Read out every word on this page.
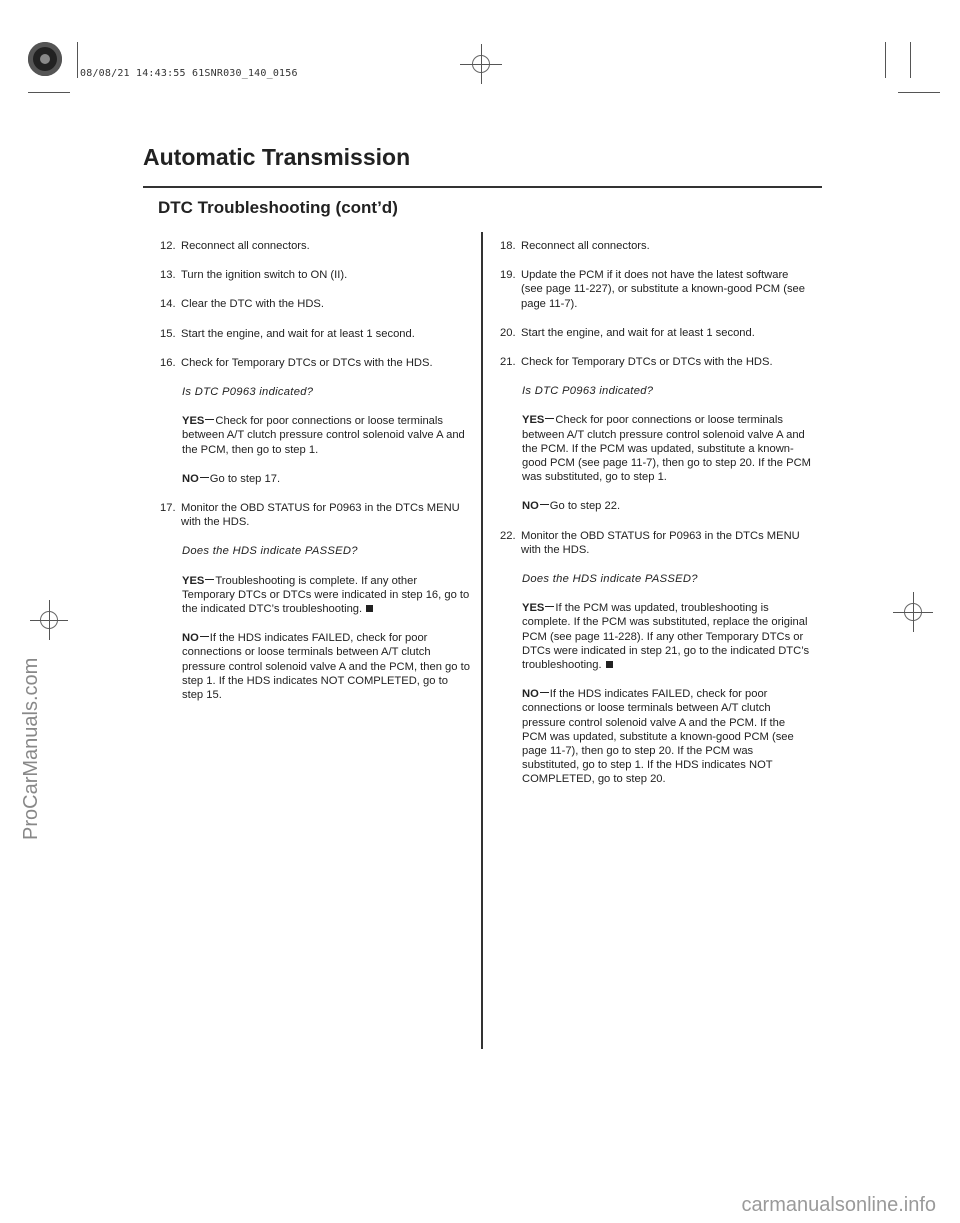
08/08/21 14:43:55 61SNR030_140_0156
ProCarManuals.com
carmanualsonline.info
Automatic Transmission
DTC Troubleshooting (cont’d)
12. Reconnect all connectors.
13. Turn the ignition switch to ON (II).
14. Clear the DTC with the HDS.
15. Start the engine, and wait for at least 1 second.
16. Check for Temporary DTCs or DTCs with the HDS.
Is DTC P0963 indicated?
YES Check for poor connections or loose terminals between A/T clutch pressure control solenoid valve A and the PCM, then go to step 1.
NO Go to step 17.
17. Monitor the OBD STATUS for P0963 in the DTCs MENU with the HDS.
Does the HDS indicate PASSED?
YES Troubleshooting is complete. If any other Temporary DTCs or DTCs were indicated in step 16, go to the indicated DTC’s troubleshooting.
NO If the HDS indicates FAILED, check for poor connections or loose terminals between A/T clutch pressure control solenoid valve A and the PCM, then go to step 1. If the HDS indicates NOT COMPLETED, go to step 15.
18. Reconnect all connectors.
19. Update the PCM if it does not have the latest software (see page 11-227), or substitute a known-good PCM (see page 11-7).
20. Start the engine, and wait for at least 1 second.
21. Check for Temporary DTCs or DTCs with the HDS.
Is DTC P0963 indicated?
YES Check for poor connections or loose terminals between A/T clutch pressure control solenoid valve A and the PCM. If the PCM was updated, substitute a known-good PCM (see page 11-7), then go to step 20. If the PCM was substituted, go to step 1.
NO Go to step 22.
22. Monitor the OBD STATUS for P0963 in the DTCs MENU with the HDS.
Does the HDS indicate PASSED?
YES If the PCM was updated, troubleshooting is complete. If the PCM was substituted, replace the original PCM (see page 11-228). If any other Temporary DTCs or DTCs were indicated in step 21, go to the indicated DTC’s troubleshooting.
NO If the HDS indicates FAILED, check for poor connections or loose terminals between A/T clutch pressure control solenoid valve A and the PCM. If the PCM was updated, substitute a known-good PCM (see page 11-7), then go to step 20. If the PCM was substituted, go to step 1. If the HDS indicates NOT COMPLETED, go to step 20.
